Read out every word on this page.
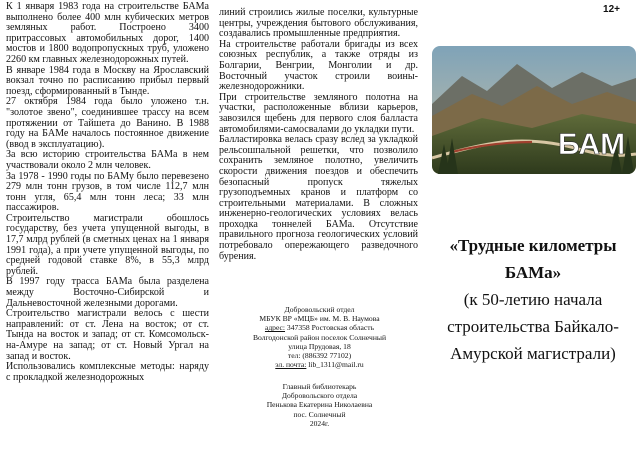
К 1 января 1983 года на строительстве БАМа выполнено более 400 млн кубических метров земляных работ. Построено 3400 притрассовых автомобильных дорог, 1400 мостов и 1800 водопропускных труб, уложено 2260 км главных железнодорожных путей.

В январе 1984 года в Москву на Ярославский вокзал точно по расписанию прибыл первый поезд, сформированный в Тынде.

27 октября 1984 года было уложено т.н. "золотое звено", соединившее трассу на всем протяжении от Тайшета до Ванино. В 1988 году на БАМе началось постоянное движение (ввод в эксплуатацию).

За всю историю строительства БАМа в нем участвовали около 2 млн человек.

За 1978 - 1990 годы по БАМу было перевезено 279 млн тонн грузов, в том числе 112,7 млн тонн угля, 65,4 млн тонн леса; 33 млн пассажиров.

Строительство магистрали обошлось государству, без учета упущенной выгоды, в 17,7 млрд рублей (в сметных ценах на 1 января 1991 года), а при учете упущенной выгоды, по средней годовой ставке 8%, в 55,3 млрд рублей.

В 1997 году трасса БАМа была разделена между Восточно-Сибирской и Дальневосточной железными дорогами.

Строительство магистрали велось с шести направлений: от ст. Лена на восток; от ст. Тында на восток и запад; от ст. Комсомольск-на-Амуре на запад; от ст. Новый Ургал на запад и восток.

Использовались комплексные методы: наряду с прокладкой железнодорожных

линий строились жилые поселки, культурные центры, учреждения бытового обслуживания, создавались промышленные предприятия.

На строительстве работали бригады из всех союзных республик, а также отряды из Болгарии, Венгрии, Монголии и др. Восточный участок строили воины-железнодорожники.

При строительстве земляного полотна на участки, расположенные вблизи карьеров, завозился щебень для первого слоя балласта автомобилями-самосвалами до укладки пути.

Балластировка велась сразу вслед за укладкой рельсошпальной решетки, что позволило сохранить земляное полотно, увеличить скорости движения поездов и обеспечить безопасный пропуск тяжелых грузоподъемных кранов и платформ со строительными материалами. В сложных инженерно-геологических условиях велась проходка тоннелей БАМа. Отсутствие правильного прогноза геологических условий потребовало опережающего разведочного бурения.

Добровольский отдел
МБУК ВР «МЦБ» им. М. В. Наумова
адрес: 347358 Ростовская область
Волгодонской район поселок Солнечный
улица Прудовая, 18
тел: (886392 77102)
эл. почта: lib_1311@mail.ru
Главный библиотекарь
Добровольского отдела
Пенькова Екатерина Николаевна
пос. Солнечный
2024г.
12+
БАМ
«Трудные километры БАМа»
(к 50-летию начала строительства Байкало-Амурской магистрали)
